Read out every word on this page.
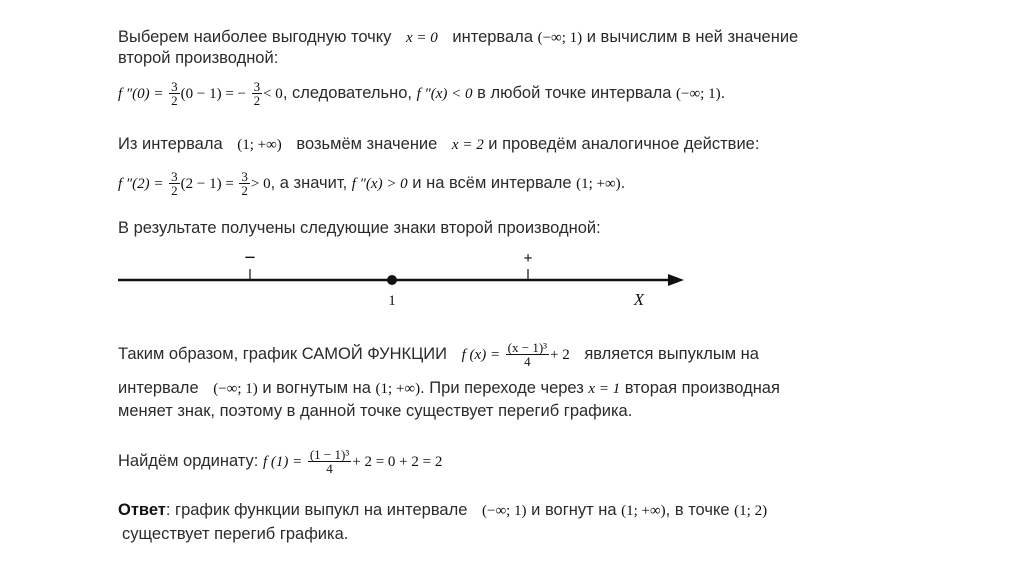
Выберем наиболее выгодную точку x = 0 интервала (−∞; 1) и вычислим в ней значение
второй производной:
f $''(0) = \frac{3}{2} (0 - 1)$ = − $\frac{3}{2} < 0$, следовательно, f ″(x) < 0 в любой точке интервала (−∞; 1).
Из интервала (1; +∞) возьмём значение x = 2 и проведём аналогичное действие:
f $''(2) = \frac{3}{2} (2 - 1) = \frac{3}{2} > 0$, а значит, f ″(x) > 0 и на всём интервале (1; +∞).
В результате получены следующие знаки второй производной:
−	+
1	X
Таким образом, график САМОЙ ФУНКЦИИ f $(x) = \frac{\text{(x − 1)³}}{4} + 2$ является выпуклым на
интервале (−∞; 1) и вогнутым на (1; +∞). При переходе через x = 1 вторая производная
меняет знак, поэтому в данной точке существует перегиб графика.
Найдём ординату: f $(1) = \frac{\text{(1 − 1)³}}{4} + 2 = 0 + 2 = 2$
Ответ: график функции выпукл на интервале (−∞; 1) и вогнут на (1; +∞), в точке (1; 2)
существует перегиб графика.
